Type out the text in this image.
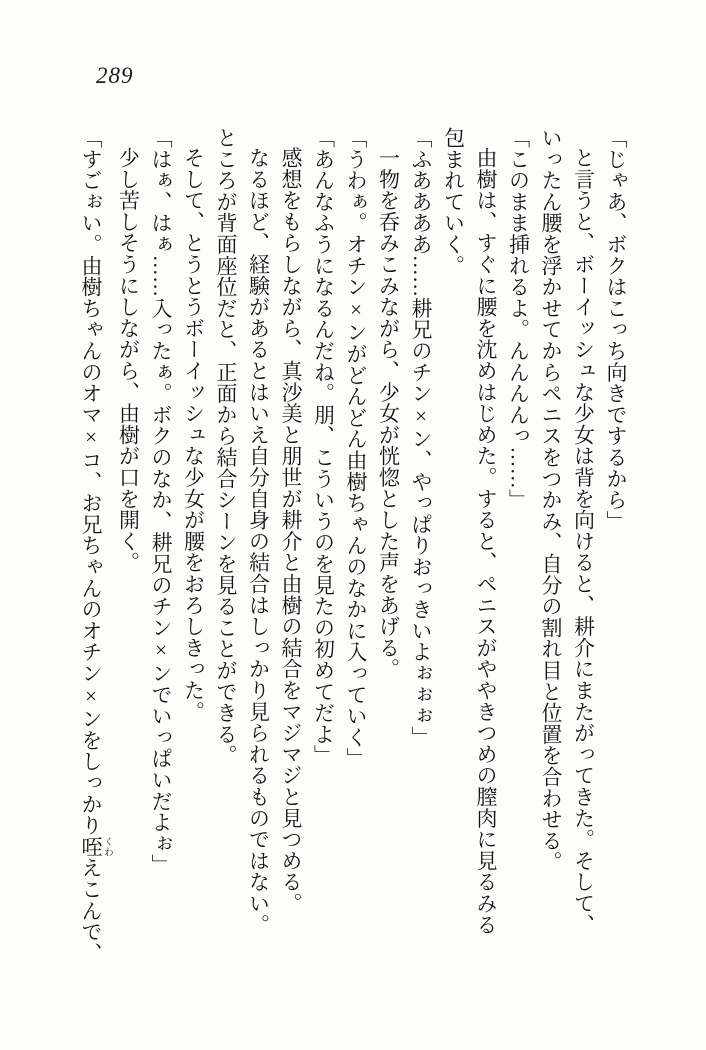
289
「じゃあ、ボクはこっち向きでするから」
と言うと、ボーイッシュな少女は背を向けると、耕介にまたがってきた。そして、
いったん腰を浮かせてからペニスをつかみ、自分の割れ目と位置を合わせる。
「このまま挿れるよ。んんんんっ……」
由樹は、すぐに腰を沈めはじめた。すると、ペニスがややきつめの膣肉に見るみる
包まれていく。
「ふああああ……耕兄のチン×ン、やっぱりおっきいよぉぉぉ」
一物を呑みこみながら、少女が恍惚とした声をあげる。
「うわぁ。オチン×ンがどんどん由樹ちゃんのなかに入っていく」
「あんなふうになるんだね。朋、こういうのを見たの初めてだよ」
感想をもらしながら、真沙美と朋世が耕介と由樹の結合をマジマジと見つめる。
なるほど、経験があるとはいえ自分自身の結合はしっかり見られるものではない。
ところが背面座位だと、正面から結合シーンを見ることができる。
そして、とうとうボーイッシュな少女が腰をおろしきった。
「はぁ、はぁ……入ったぁ。ボクのなか、耕兄のチン×ンでいっぱいだよぉ」
少し苦しそうにしながら、由樹が口を開く。
「すごぉい。由樹ちゃんのオマ×コ、お兄ちゃんのオチン×ンをしっかり咥 くわえこんで、
